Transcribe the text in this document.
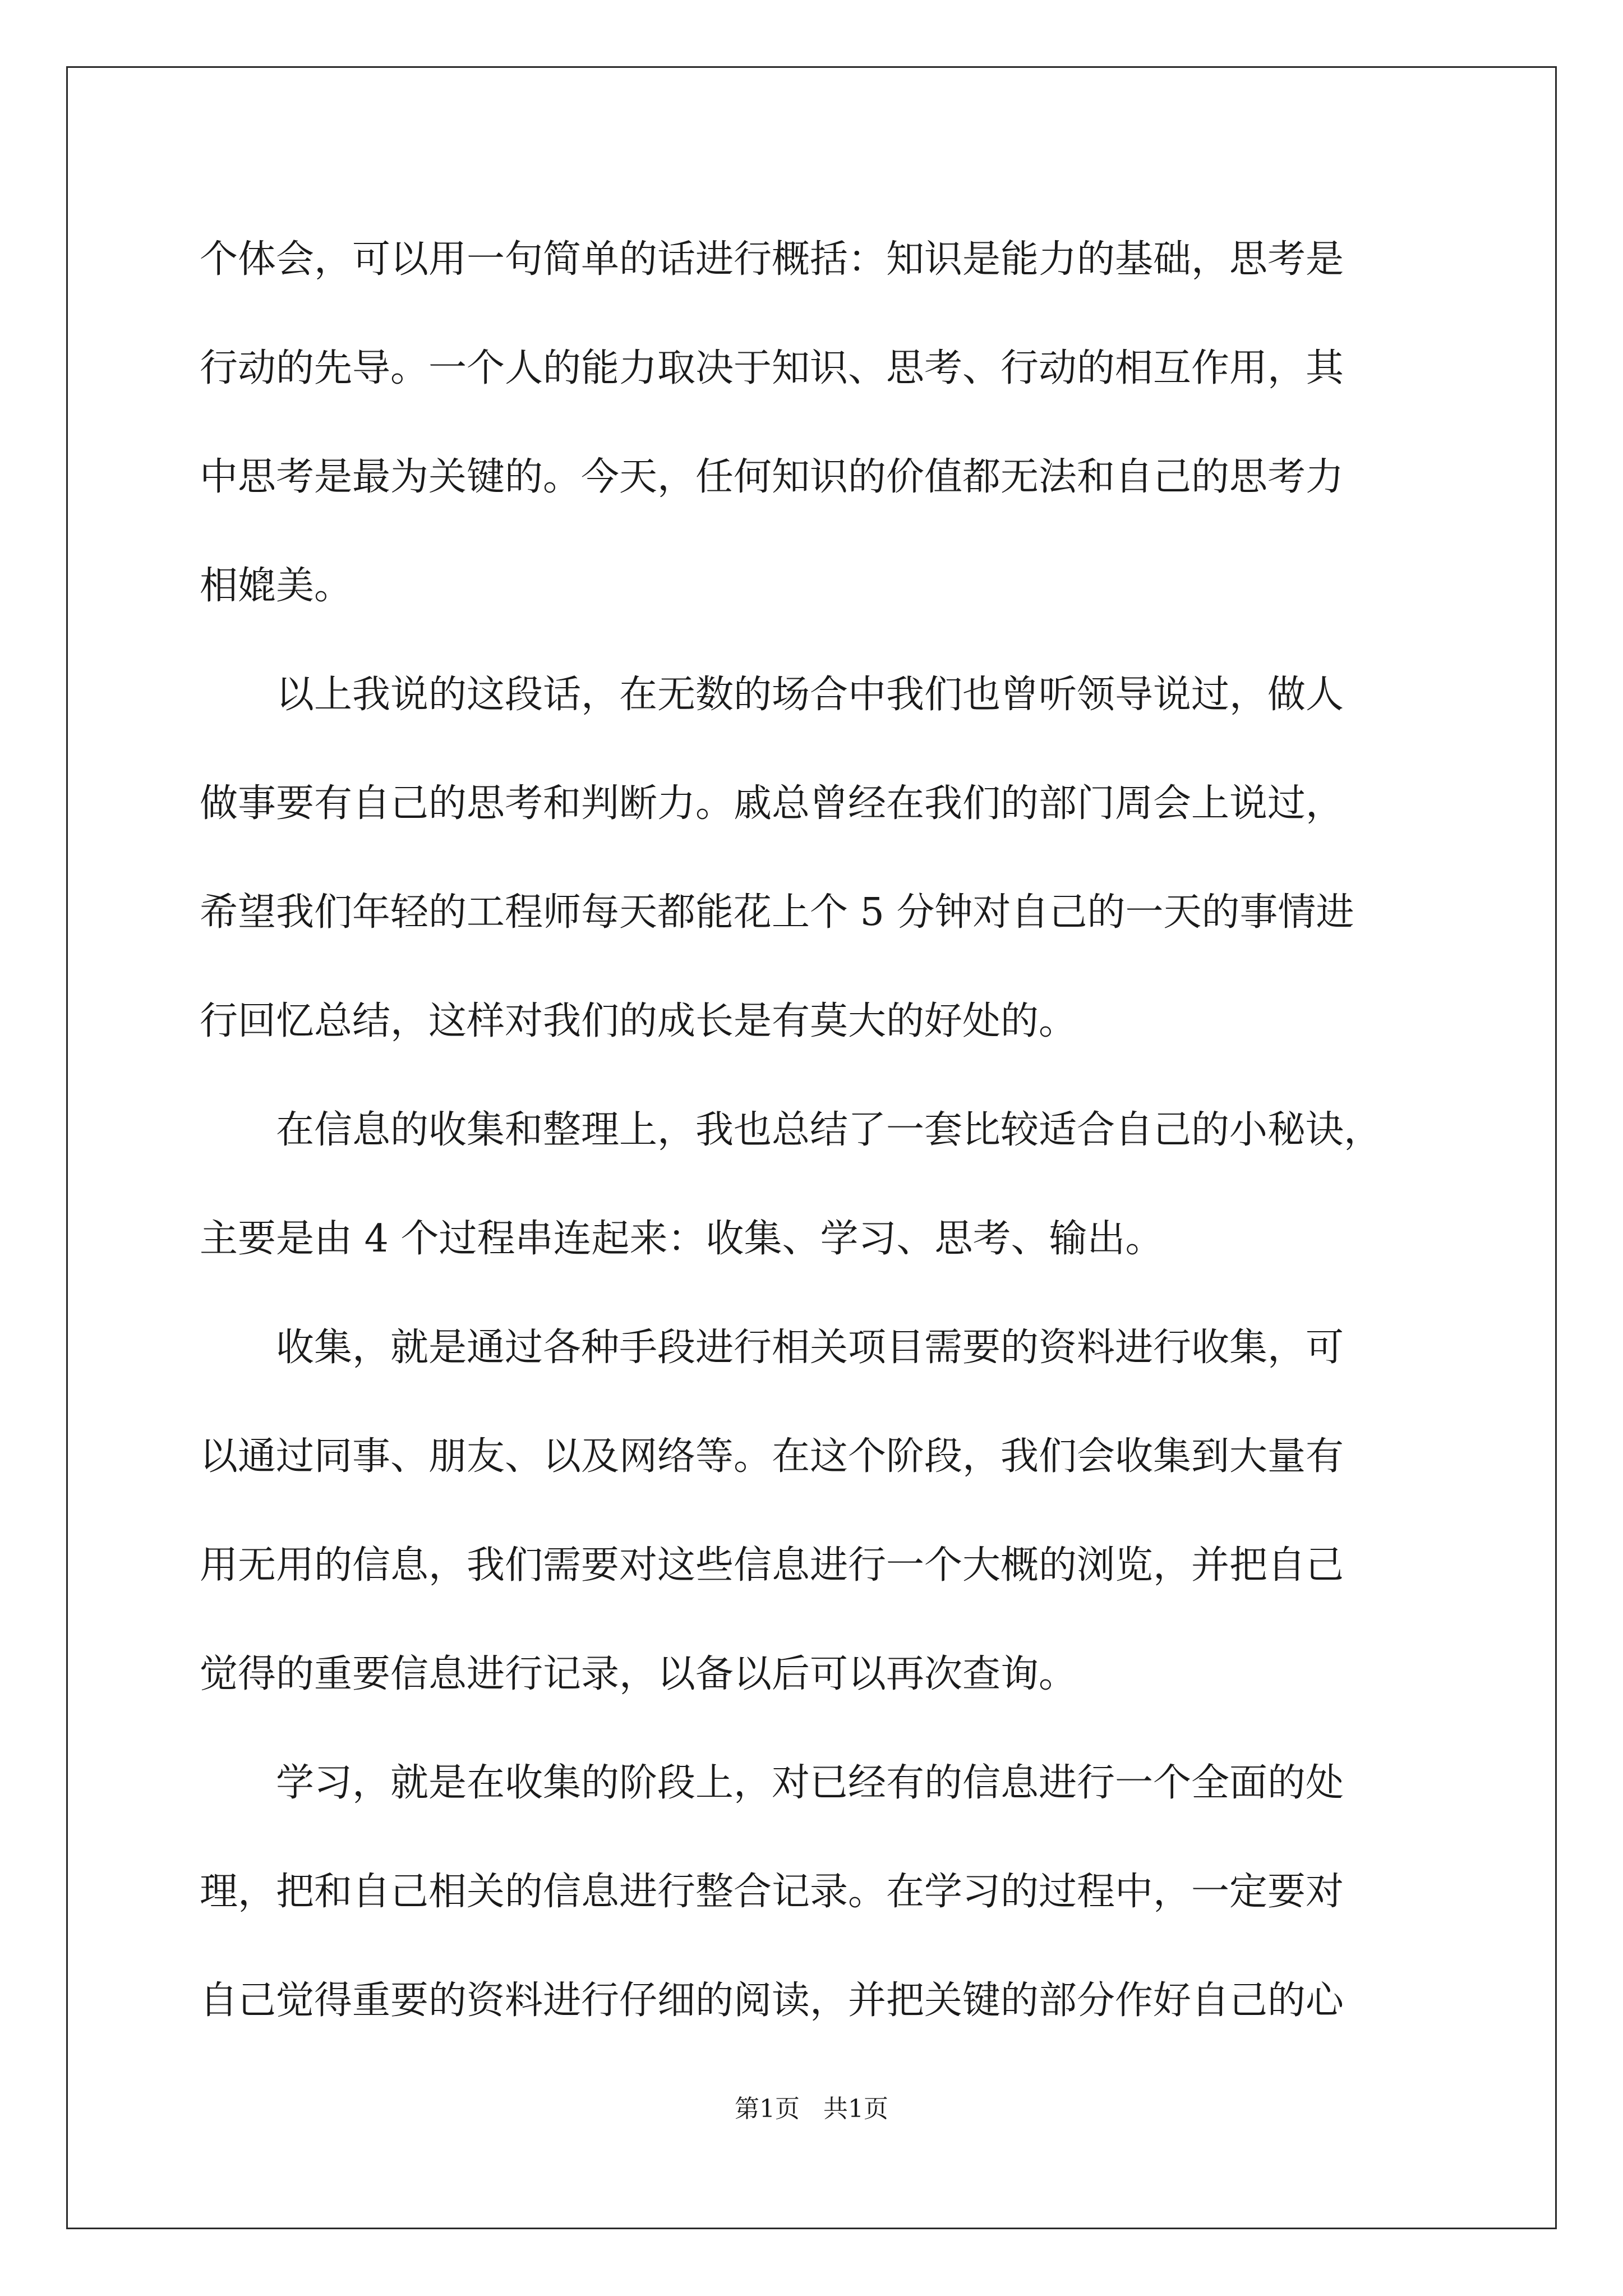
个体会，可以用一句简单的话进行概括：知识是能力的基础，思考是
行动的先导。一个人的能力取决于知识、思考、行动的相互作用，其
中思考是最为关键的。今天，任何知识的价值都无法和自己的思考力
相媲美。
　　以上我说的这段话，在无数的场合中我们也曾听领导说过，做人
做事要有自己的思考和判断力。戚总曾经在我们的部门周会上说过，
希望我们年轻的工程师每天都能花上个 5 分钟对自己的一天的事情进
行回忆总结，这样对我们的成长是有莫大的好处的。
　　在信息的收集和整理上，我也总结了一套比较适合自己的小秘诀，
主要是由 4 个过程串连起来：收集、学习、思考、输出。
　　收集，就是通过各种手段进行相关项目需要的资料进行收集，可
以通过同事、朋友、以及网络等。在这个阶段，我们会收集到大量有
用无用的信息，我们需要对这些信息进行一个大概的浏览，并把自己
觉得的重要信息进行记录，以备以后可以再次查询。
　　学习，就是在收集的阶段上，对已经有的信息进行一个全面的处
理，把和自己相关的信息进行整合记录。在学习的过程中，一定要对
自己觉得重要的资料进行仔细的阅读，并把关键的部分作好自己的心
第1页   共1页
